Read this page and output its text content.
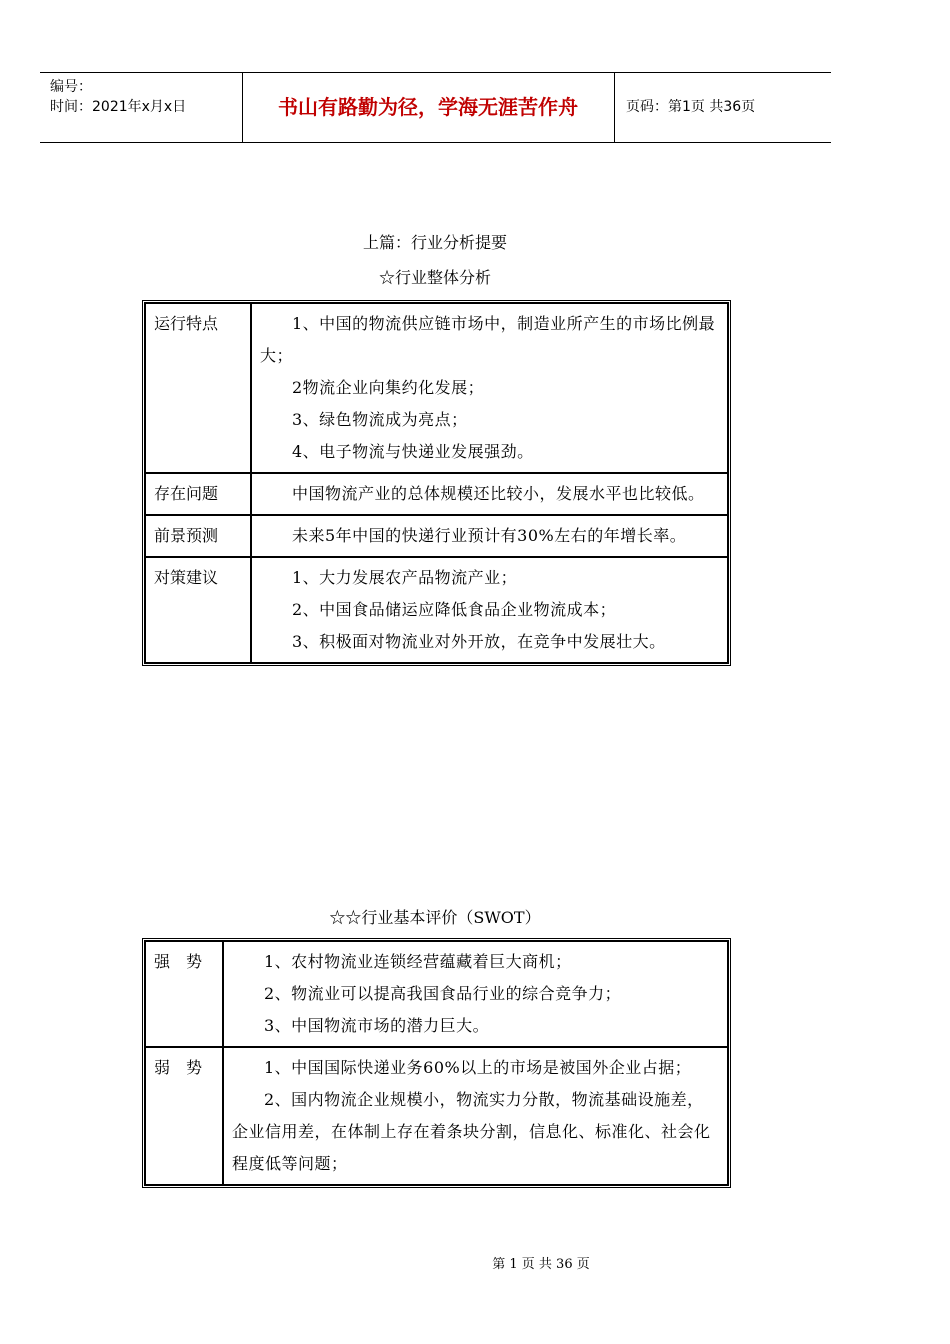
编号：
时间：2021年x月x日	书山有路勤为径，学海无涯苦作舟	页码：第1页 共36页
上篇：行业分析提要
☆行业整体分析
运行特点	1、中国的物流供应链市场中，制造业所产生的市场比例最大；
2物流企业向集约化发展；
3、绿色物流成为亮点；
4、电子物流与快递业发展强劲。

存在问题	中国物流产业的总体规模还比较小，发展水平也比较低。

前景预测	未来5年中国的快递行业预计有30%左右的年增长率。

对策建议	1、大力发展农产品物流产业；
2、中国食品储运应降低食品企业物流成本；
3、积极面对物流业对外开放，在竞争中发展壮大。
☆☆行业基本评价（SWOT）
强　势	1、农村物流业连锁经营蕴藏着巨大商机；
2、物流业可以提高我国食品行业的综合竞争力；
3、中国物流市场的潜力巨大。

弱　势	1、中国国际快递业务60%以上的市场是被国外企业占据；
2、国内物流企业规模小，物流实力分散，物流基础设施差，企业信用差，在体制上存在着条块分割，信息化、标准化、社会化程度低等问题；
第 1 页 共 36 页
